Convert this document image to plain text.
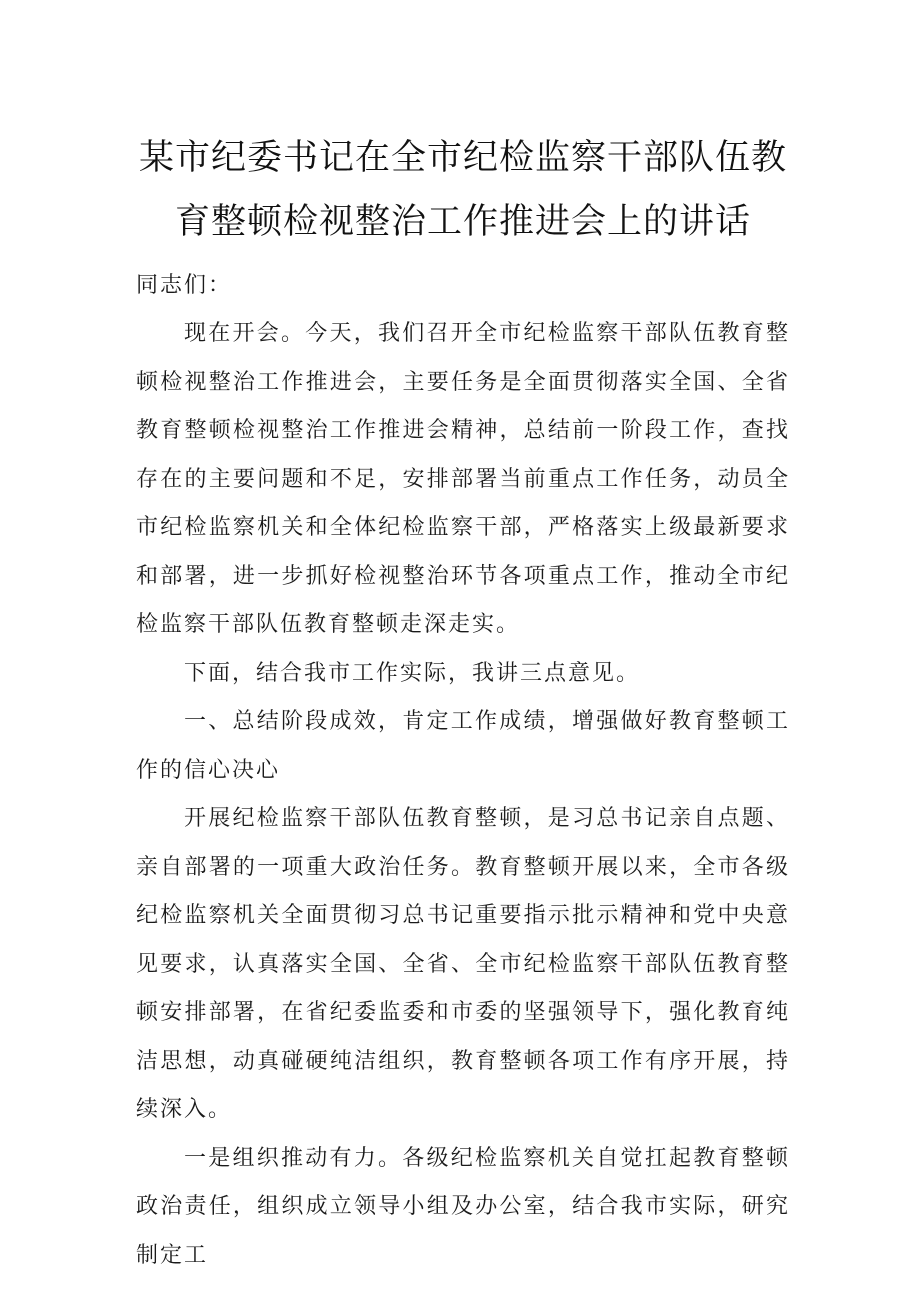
某市纪委书记在全市纪检监察干部队伍教
育整顿检视整治工作推进会上的讲话

同志们：

现在开会。今天，我们召开全市纪检监察干部队伍教育整顿检视整治工作推进会，主要任务是全面贯彻落实全国、全省教育整顿检视整治工作推进会精神，总结前一阶段工作，查找存在的主要问题和不足，安排部署当前重点工作任务，动员全市纪检监察机关和全体纪检监察干部，严格落实上级最新要求和部署，进一步抓好检视整治环节各项重点工作，推动全市纪检监察干部队伍教育整顿走深走实。

下面，结合我市工作实际，我讲三点意见。

一、总结阶段成效，肯定工作成绩，增强做好教育整顿工作的信心决心

开展纪检监察干部队伍教育整顿，是习总书记亲自点题、亲自部署的一项重大政治任务。教育整顿开展以来，全市各级纪检监察机关全面贯彻习总书记重要指示批示精神和党中央意见要求，认真落实全国、全省、全市纪检监察干部队伍教育整顿安排部署，在省纪委监委和市委的坚强领导下，强化教育纯洁思想，动真碰硬纯洁组织，教育整顿各项工作有序开展，持续深入。

一是组织推动有力。各级纪检监察机关自觉扛起教育整顿政治责任，组织成立领导小组及办公室，结合我市实际，研究制定工
